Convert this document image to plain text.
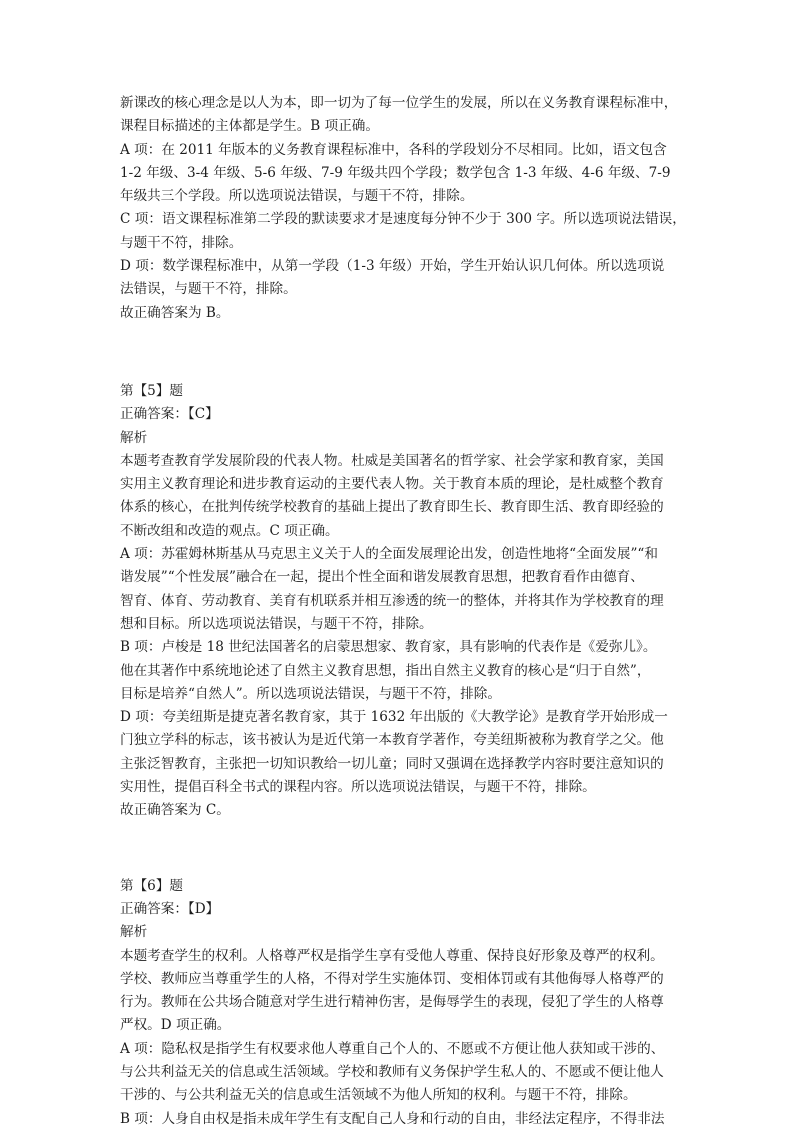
新课改的核心理念是以人为本，即一切为了每一位学生的发展，所以在义务教育课程标准中，
课程目标描述的主体都是学生。B 项正确。
A 项：在 2011 年版本的义务教育课程标准中，各科的学段划分不尽相同。比如，语文包含
1-2 年级、3-4 年级、5-6 年级、7-9 年级共四个学段；数学包含 1-3 年级、4-6 年级、7-9
年级共三个学段。所以选项说法错误，与题干不符，排除。
C 项：语文课程标准第二学段的默读要求才是速度每分钟不少于 300 字。所以选项说法错误，
与题干不符，排除。
D 项：数学课程标准中，从第一学段（1-3 年级）开始，学生开始认识几何体。所以选项说
法错误，与题干不符，排除。
故正确答案为 B。
第【5】题
正确答案：【C】
解析
本题考查教育学发展阶段的代表人物。杜威是美国著名的哲学家、社会学家和教育家，美国
实用主义教育理论和进步教育运动的主要代表人物。关于教育本质的理论，是杜威整个教育
体系的核心，在批判传统学校教育的基础上提出了教育即生长、教育即生活、教育即经验的
不断改组和改造的观点。C 项正确。
A 项：苏霍姆林斯基从马克思主义关于人的全面发展理论出发，创造性地将“全面发展”“和
谐发展”“个性发展”融合在一起，提出个性全面和谐发展教育思想，把教育看作由德育、
智育、体育、劳动教育、美育有机联系并相互渗透的统一的整体，并将其作为学校教育的理
想和目标。所以选项说法错误，与题干不符，排除。
B 项：卢梭是 18 世纪法国著名的启蒙思想家、教育家，具有影响的代表作是《爱弥儿》。
他在其著作中系统地论述了自然主义教育思想，指出自然主义教育的核心是“归于自然”，
目标是培养“自然人”。所以选项说法错误，与题干不符，排除。
D 项：夸美纽斯是捷克著名教育家，其于 1632 年出版的《大教学论》是教育学开始形成一
门独立学科的标志，该书被认为是近代第一本教育学著作，夸美纽斯被称为教育学之父。他
主张泛智教育，主张把一切知识教给一切儿童；同时又强调在选择教学内容时要注意知识的
实用性，提倡百科全书式的课程内容。所以选项说法错误，与题干不符，排除。
故正确答案为 C。
第【6】题
正确答案：【D】
解析
本题考查学生的权利。人格尊严权是指学生享有受他人尊重、保持良好形象及尊严的权利。
学校、教师应当尊重学生的人格，不得对学生实施体罚、变相体罚或有其他侮辱人格尊严的
行为。教师在公共场合随意对学生进行精神伤害，是侮辱学生的表现，侵犯了学生的人格尊
严权。D 项正确。
A 项：隐私权是指学生有权要求他人尊重自己个人的、不愿或不方便让他人获知或干涉的、
与公共利益无关的信息或生活领域。学校和教师有义务保护学生私人的、不愿或不便让他人
干涉的、与公共利益无关的信息或生活领域不为他人所知的权利。与题干不符，排除。
B 项：人身自由权是指未成年学生有支配自己人身和行动的自由，非经法定程序，不得非法
